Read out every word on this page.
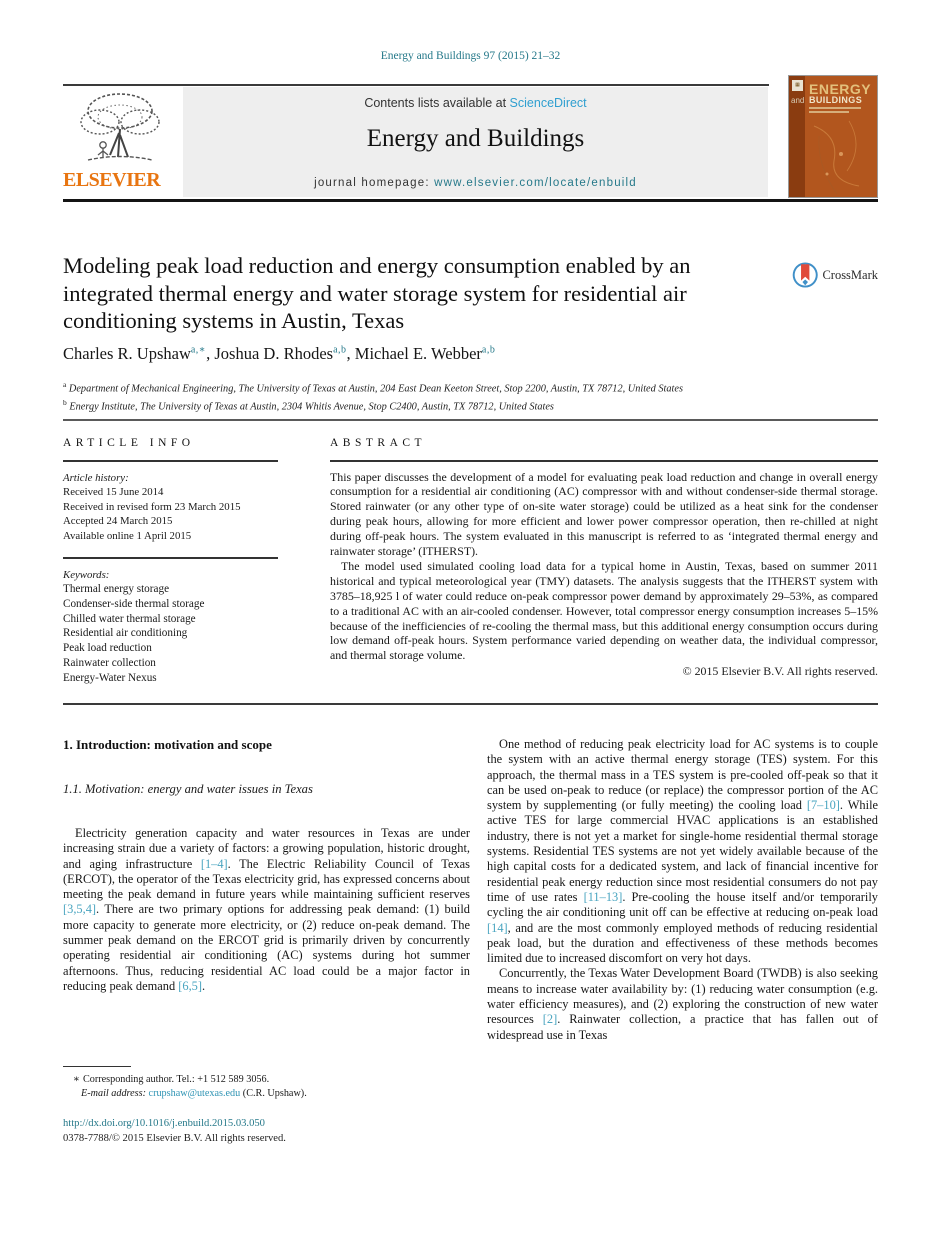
Energy and Buildings 97 (2015) 21–32
ELSEVIER
Contents lists available at ScienceDirect
Energy and Buildings
journal homepage: www.elsevier.com/locate/enbuild
▦ ENERGY
and BUILDINGS
Modeling peak load reduction and energy consumption enabled by an integrated thermal energy and water storage system for residential air conditioning systems in Austin, Texas
CrossMark
Charles R. Upshaw$^{a,∗}$, Joshua D. Rhodes$^{a,b}$, Michael E. Webber$^{a,b}$
$^a$ Department of Mechanical Engineering, The University of Texas at Austin, 204 East Dean Keeton Street, Stop 2200, Austin, TX 78712, United States
$^b$ Energy Institute, The University of Texas at Austin, 2304 Whitis Avenue, Stop C2400, Austin, TX 78712, United States
ARTICLE INFO
Article history:
Received 15 June 2014
Received in revised form 23 March 2015
Accepted 24 March 2015
Available online 1 April 2015
Keywords:
Thermal energy storage
Condenser-side thermal storage
Chilled water thermal storage
Residential air conditioning
Peak load reduction
Rainwater collection
Energy-Water Nexus
ABSTRACT

This paper discusses the development of a model for evaluating peak load reduction and change in overall energy consumption for a residential air conditioning (AC) compressor with and without condenser-side thermal storage. Stored rainwater (or any other type of on-site water storage) could be utilized as a heat sink for the condenser during peak hours, allowing for more efficient and lower power compressor operation, then re-chilled at night during off-peak hours. The system evaluated in this manuscript is referred to as ‘integrated thermal energy and rainwater storage’ (ITHERST).

The model used simulated cooling load data for a typical home in Austin, Texas, based on summer 2011 historical and typical meteorological year (TMY) datasets. The analysis suggests that the ITHERST system with 3785–18,925 l of water could reduce on-peak compressor power demand by approximately 29–53%, as compared to a traditional AC with an air-cooled condenser. However, total compressor energy consumption increases 5–15% because of the inefficiencies of re-cooling the thermal mass, but this additional energy consumption occurs during low demand off-peak hours. System performance varied depending on weather data, the individual compressor, and thermal storage volume.

© 2015 Elsevier B.V. All rights reserved.
1. Introduction: motivation and scope
1.1. Motivation: energy and water issues in Texas

Electricity generation capacity and water resources in Texas are under increasing strain due a variety of factors: a growing population, historic drought, and aging infrastructure [1–4]. The Electric Reliability Council of Texas (ERCOT), the operator of the Texas electricity grid, has expressed concerns about meeting the peak demand in future years while maintaining sufficient reserves [3,5,4]. There are two primary options for addressing peak demand: (1) build more capacity to generate more electricity, or (2) reduce on-peak demand. The summer peak demand on the ERCOT grid is primarily driven by concurrently operating residential air conditioning (AC) systems during hot summer afternoons. Thus, reducing residential AC load could be a major factor in reducing peak demand [6,5].

One method of reducing peak electricity load for AC systems is to couple the system with an active thermal energy storage (TES) system. For this approach, the thermal mass in a TES system is pre-cooled off-peak so that it can be used on-peak to reduce (or replace) the compressor portion of the AC system by supplementing (or fully meeting) the cooling load [7–10]. While active TES for large commercial HVAC applications is an established industry, there is not yet a market for single-home residential thermal storage systems. Residential TES systems are not yet widely available because of the high capital costs for a dedicated system, and lack of financial incentive for residential peak energy reduction since most residential consumers do not pay time of use rates [11–13]. Pre-cooling the house itself and/or temporarily cycling the air conditioning unit off can be effective at reducing on-peak load [14], and are the most commonly employed methods of reducing residential peak load, but the duration and effectiveness of these methods becomes limited due to increased discomfort on very hot days.

Concurrently, the Texas Water Development Board (TWDB) is also seeking means to increase water availability by: (1) reducing water consumption (e.g. water efficiency measures), and (2) exploring the construction of new water resources [2]. Rainwater collection, a practice that has fallen out of widespread use in Texas

∗ Corresponding author. Tel.: +1 512 589 3056.
E-mail address: crupshaw@utexas.edu (C.R. Upshaw).
http://dx.doi.org/10.1016/j.enbuild.2015.03.050
0378-7788/© 2015 Elsevier B.V. All rights reserved.
